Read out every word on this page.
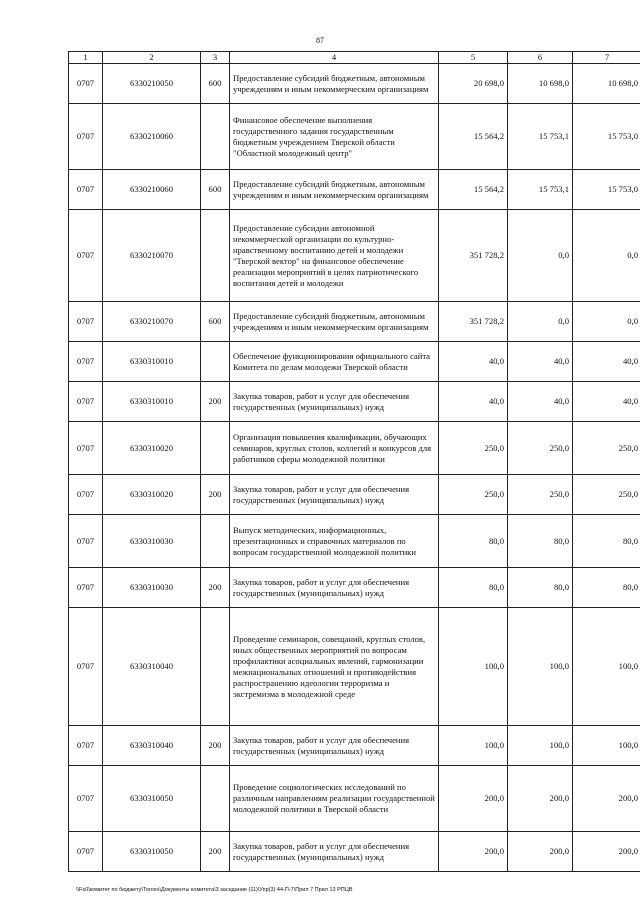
87
1	2	3	4	5	6	7
0707	6330210050	600	Предоставление субсидий бюджетным, автономным учреждениям и иным некоммерческим организациям	20 698,0	10 698,0	10 698,0
0707	6330210060		Финансовое обеспечение выполнения государственного задания государственным бюджетным учреждением Тверской области "Областной молодежный центр"	15 564,2	15 753,1	15 753,0
0707	6330210060	600	Предоставление субсидий бюджетным, автономным учреждениям и иным некоммерческим организациям	15 564,2	15 753,1	15 753,0
0707	6330210070		Предоставление субсидии автономной некоммерческой организации по культурно-нравственному воспитанию детей и молодежи "Тверской вектор" на финансовое обеспечение реализации мероприятий в целях патриотического воспитания детей и молодежи	351 728,2	0,0	0,0
0707	6330210070	600	Предоставление субсидий бюджетным, автономным учреждениям и иным некоммерческим организациям	351 728,2	0,0	0,0
0707	6330310010		Обеспечение функционирования официального сайта Комитета по делам молодежи Тверской области	40,0	40,0	40,0
0707	6330310010	200	Закупка товаров, работ и услуг для обеспечения государственных (муниципальных) нужд	40,0	40,0	40,0
0707	6330310020		Организация повышения квалификации, обучающих семинаров, круглых столов, коллегий и конкурсов для работников сферы молодежной политики	250,0	250,0	250,0
0707	6330310020	200	Закупка товаров, работ и услуг для обеспечения государственных (муниципальных) нужд	250,0	250,0	250,0
0707	6330310030		Выпуск методических, информационных, презентационных и справочных материалов по вопросам государственной молодежной политики	80,0	80,0	80,0
0707	6330310030	200	Закупка товаров, работ и услуг для обеспечения государственных (муниципальных) нужд	80,0	80,0	80,0
0707	6330310040		Проведение семинаров, совещаний, круглых столов, иных общественных мероприятий по вопросам профилактики асоциальных явлений, гармонизации межнациональных отношений и противодействия распространению идеологии терроризма и экстремизма в молодежной среде	100,0	100,0	100,0
0707	6330310040	200	Закупка товаров, работ и услуг для обеспечения государственных (муниципальных) нужд	100,0	100,0	100,0
0707	6330310050		Проведение социологических исследований по различным направлениям реализации государственной молодежной политики в Тверской области	200,0	200,0	200,0
0707	6330310050	200	Закупка товаров, работ и услуг для обеспечения государственных (муниципальных) нужд	200,0	200,0	200,0
\\Fs0\комитет по бюджету\Тогохн\Документы комитета\3 заседание (11)\Упр(3) 44-П-7\Прил 7 Прил 13 РПЦВ
